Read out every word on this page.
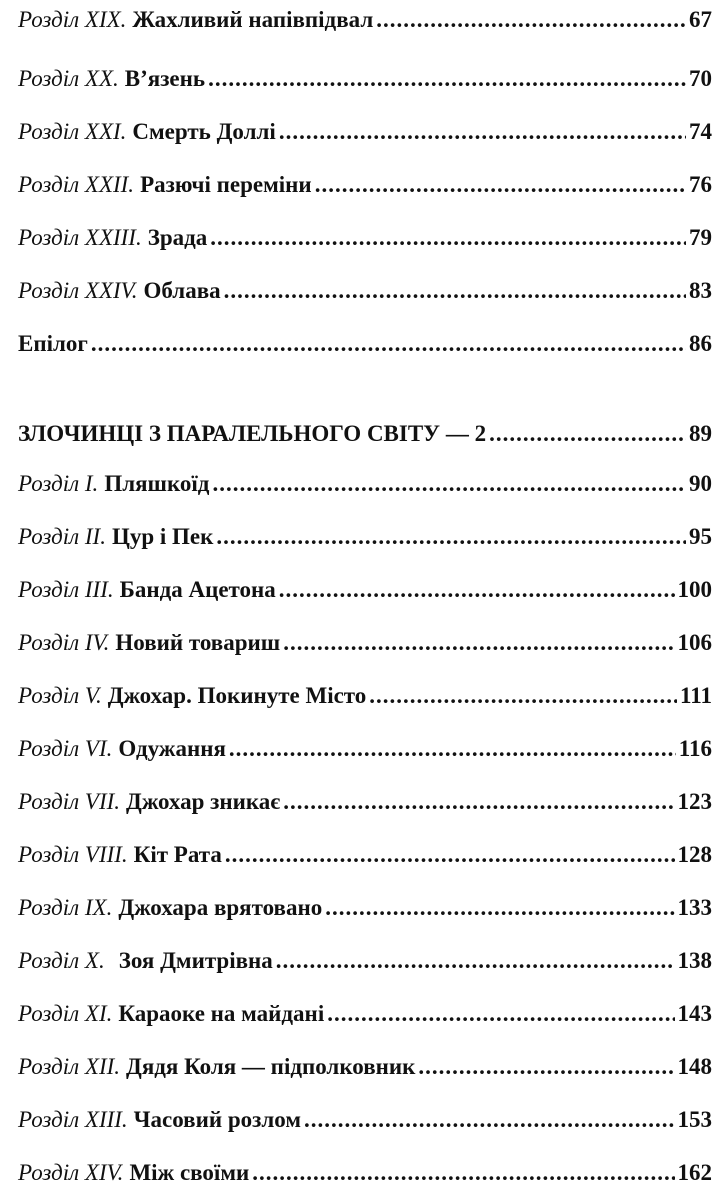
Розділ XIX. Жахливий напівпідвал .....	67
Розділ XX. В’язень .....	70
Розділ XXI. Смерть Доллі .....	74
Розділ XXII. Разючі переміни .....	76
Розділ XXIII. Зрада .....	79
Розділ XXIV. Облава .....	83
Епілог .....	86
ЗЛОЧИНЦІ З ПАРАЛЕЛЬНОГО СВІТУ — 2 .....	89
Розділ I. Пляшкоїд .....	90
Розділ II. Цур і Пек .....	95
Розділ III. Банда Ацетона .....	100
Розділ IV. Новий товариш .....	106
Розділ V. Джохар. Покинуте Місто .....	111
Розділ VI. Одужання .....	116
Розділ VII. Джохар зникає .....	123
Розділ VIII. Кіт Рата .....	128
Розділ IX. Джохара врятовано .....	133
Розділ X. Зоя Дмитрівна .....	138
Розділ XI. Караоке на майдані .....	143
Розділ XII. Дядя Коля — підполковник .....	148
Розділ XIII. Часовий розлом .....	153
Розділ XIV. Між своїми .....	162
